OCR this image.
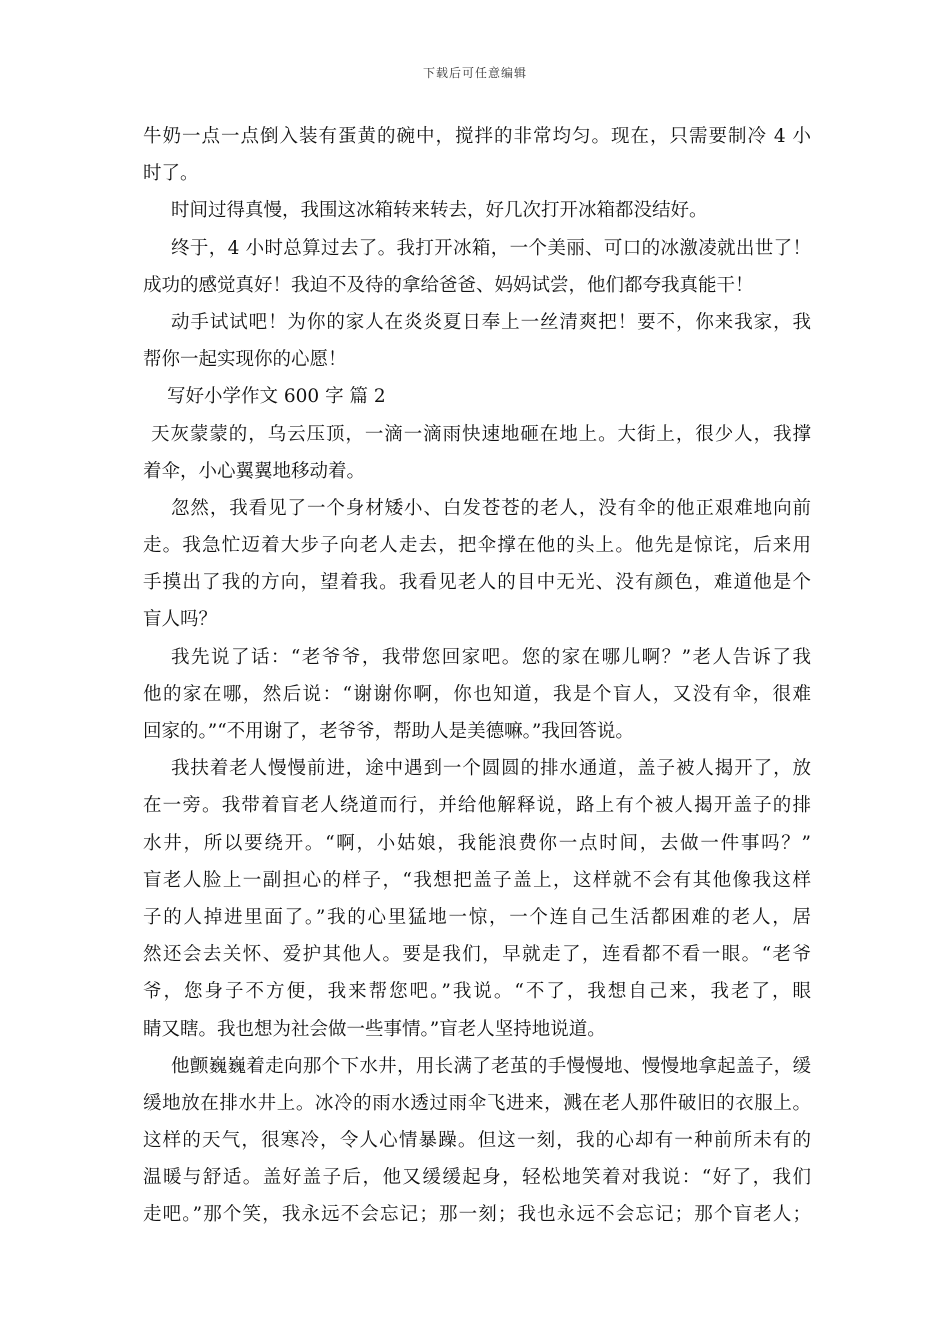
下载后可任意编辑
牛奶一点一点倒入装有蛋黄的碗中，搅拌的非常均匀。现在，只需要制冷 4 小
时了。
时间过得真慢，我围这冰箱转来转去，好几次打开冰箱都没结好。
终于，4 小时总算过去了。我打开冰箱，一个美丽、可口的冰激凌就出世了！
成功的感觉真好！我迫不及待的拿给爸爸、妈妈试尝，他们都夸我真能干！
动手试试吧！为你的家人在炎炎夏日奉上一丝清爽把！要不，你来我家，我
帮你一起实现你的心愿！
写好小学作文 600 字 篇 2
天灰蒙蒙的，乌云压顶，一滴一滴雨快速地砸在地上。大街上，很少人，我撑
着伞，小心翼翼地移动着。
忽然，我看见了一个身材矮小、白发苍苍的老人，没有伞的他正艰难地向前
走。我急忙迈着大步子向老人走去，把伞撑在他的头上。他先是惊诧，后来用
手摸出了我的方向，望着我。我看见老人的目中无光、没有颜色，难道他是个
盲人吗？
我先说了话：“老爷爷，我带您回家吧。您的家在哪儿啊？”老人告诉了我
他的家在哪，然后说：“谢谢你啊，你也知道，我是个盲人，又没有伞，很难
回家的。”“不用谢了，老爷爷，帮助人是美德嘛。”我回答说。
我扶着老人慢慢前进，途中遇到一个圆圆的排水通道，盖子被人揭开了，放
在一旁。我带着盲老人绕道而行，并给他解释说，路上有个被人揭开盖子的排
水井，所以要绕开。“啊，小姑娘，我能浪费你一点时间，去做一件事吗？”
盲老人脸上一副担心的样子，“我想把盖子盖上，这样就不会有其他像我这样
子的人掉进里面了。”我的心里猛地一惊，一个连自己生活都困难的老人，居
然还会去关怀、爱护其他人。要是我们，早就走了，连看都不看一眼。“老爷
爷，您身子不方便，我来帮您吧。”我说。“不了，我想自己来，我老了，眼
睛又瞎。我也想为社会做一些事情。”盲老人坚持地说道。
他颤巍巍着走向那个下水井，用长满了老茧的手慢慢地、慢慢地拿起盖子，缓
缓地放在排水井上。冰冷的雨水透过雨伞飞进来，溅在老人那件破旧的衣服上。
这样的天气，很寒冷，令人心情暴躁。但这一刻，我的心却有一种前所未有的
温暖与舒适。盖好盖子后，他又缓缓起身，轻松地笑着对我说：“好了，我们
走吧。”那个笑，我永远不会忘记；那一刻；我也永远不会忘记；那个盲老人；
